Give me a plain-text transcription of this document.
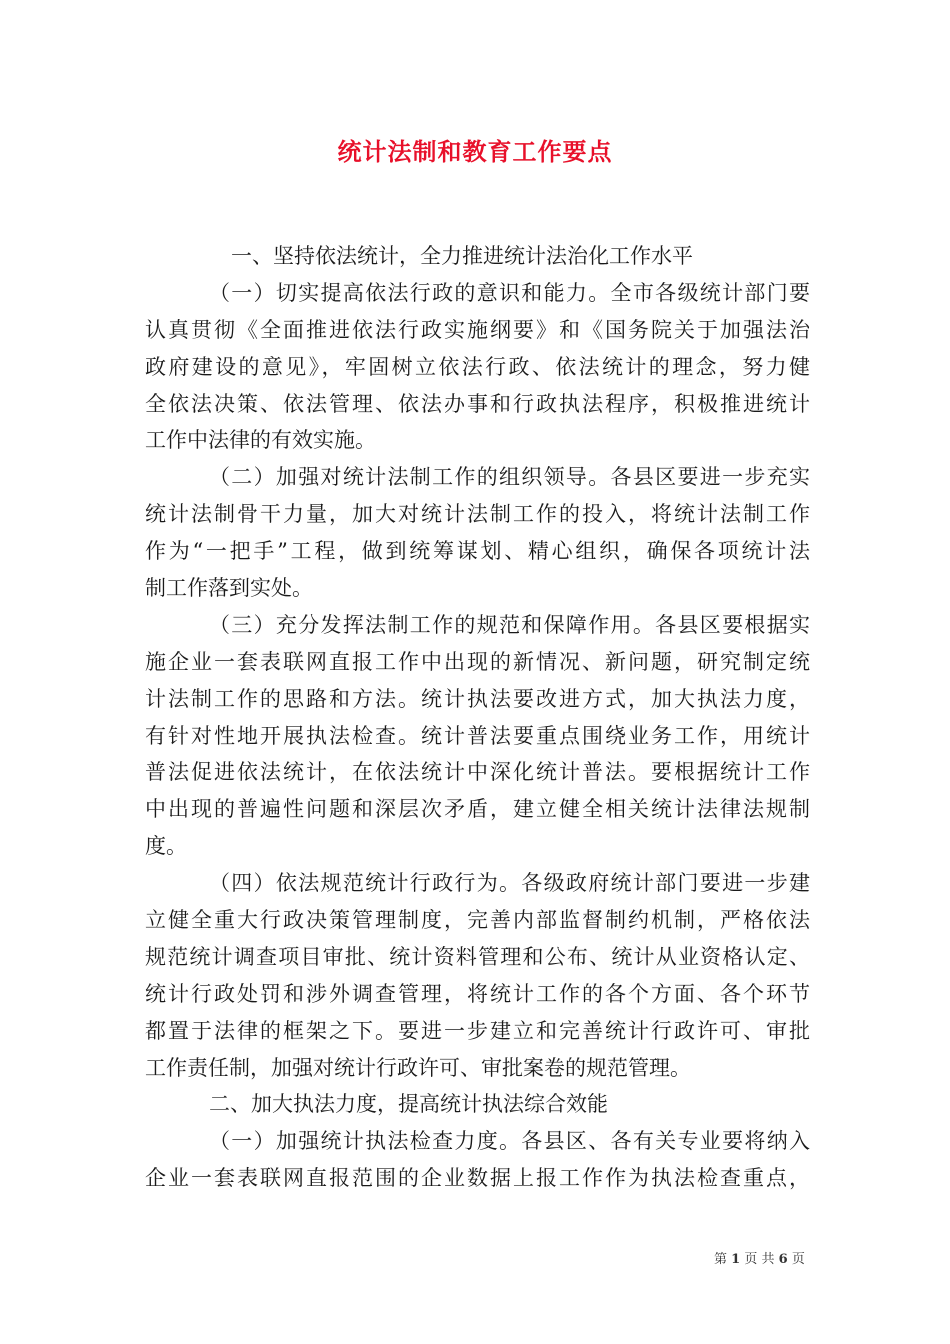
统计法制和教育工作要点
一、坚持依法统计，全力推进统计法治化工作水平
（一）切实提高依法行政的意识和能力。全市各级统计部门要
认真贯彻《全面推进依法行政实施纲要》和《国务院关于加强法治
政府建设的意见》，牢固树立依法行政、依法统计的理念，努力健
全依法决策、依法管理、依法办事和行政执法程序，积极推进统计
工作中法律的有效实施。
（二）加强对统计法制工作的组织领导。各县区要进一步充实
统计法制骨干力量，加大对统计法制工作的投入，将统计法制工作
作为“一把手”工程，做到统筹谋划、精心组织，确保各项统计法
制工作落到实处。
（三）充分发挥法制工作的规范和保障作用。各县区要根据实
施企业一套表联网直报工作中出现的新情况、新问题，研究制定统
计法制工作的思路和方法。统计执法要改进方式，加大执法力度，
有针对性地开展执法检查。统计普法要重点围绕业务工作，用统计
普法促进依法统计，在依法统计中深化统计普法。要根据统计工作
中出现的普遍性问题和深层次矛盾，建立健全相关统计法律法规制
度。
（四）依法规范统计行政行为。各级政府统计部门要进一步建
立健全重大行政决策管理制度，完善内部监督制约机制，严格依法
规范统计调查项目审批、统计资料管理和公布、统计从业资格认定、
统计行政处罚和涉外调查管理，将统计工作的各个方面、各个环节
都置于法律的框架之下。要进一步建立和完善统计行政许可、审批
工作责任制，加强对统计行政许可、审批案卷的规范管理。
二、加大执法力度，提高统计执法综合效能
（一）加强统计执法检查力度。各县区、各有关专业要将纳入
企业一套表联网直报范围的企业数据上报工作作为执法检查重点，
第 1 页 共 6 页
